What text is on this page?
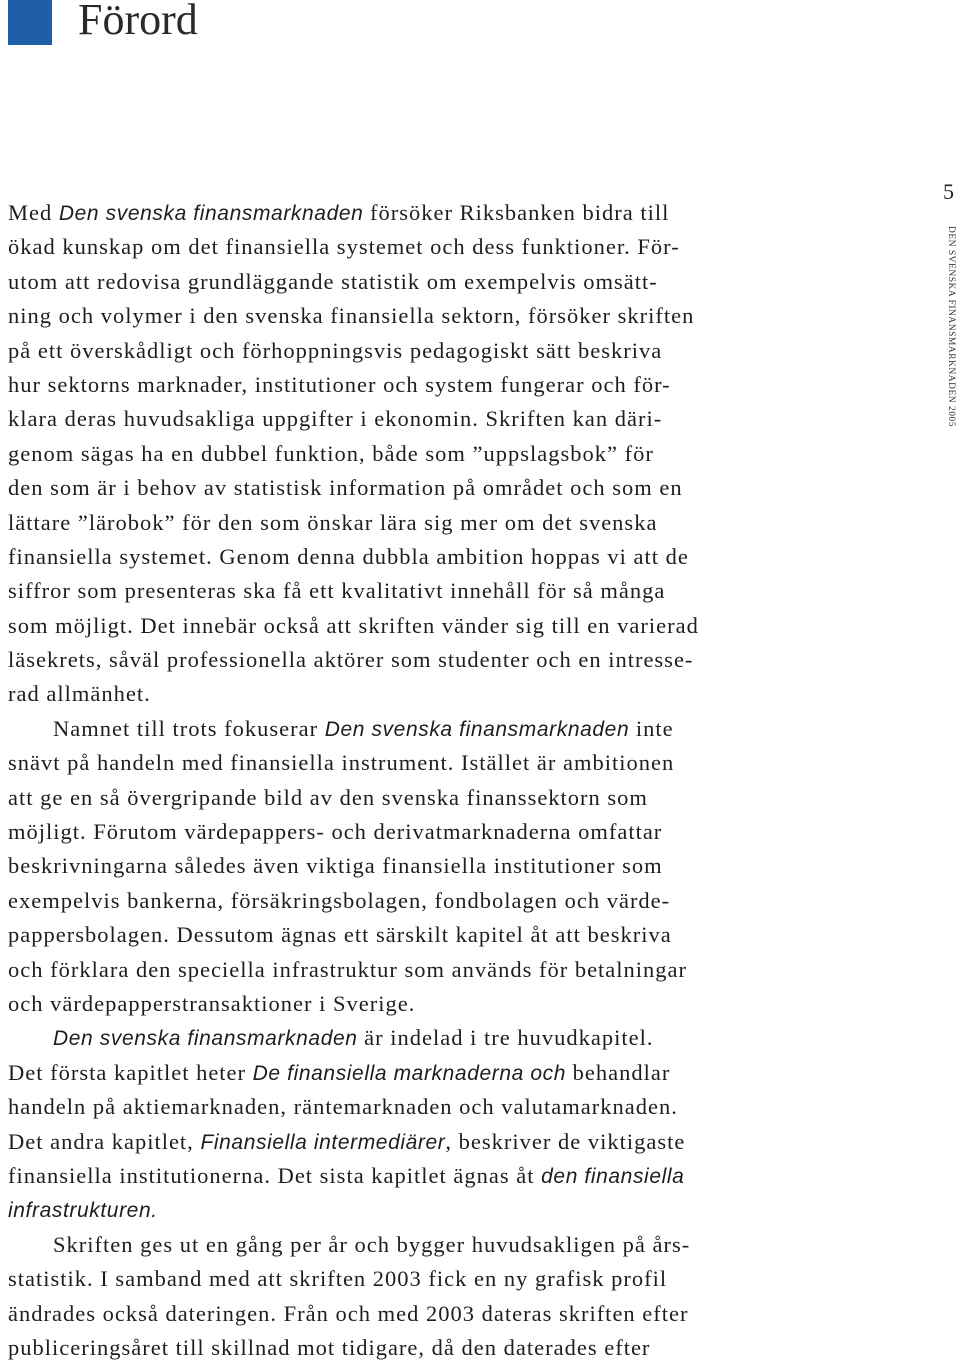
Förord
5
DEN SVENSKA FINANSMARKNADEN 2005
Med Den svenska finansmarknaden försöker Riksbanken bidra till
ökad kunskap om det finansiella systemet och dess funktioner. För-
utom att redovisa grundläggande statistik om exempelvis omsätt-
ning och volymer i den svenska finansiella sektorn, försöker skriften
på ett överskådligt och förhoppningsvis pedagogiskt sätt beskriva
hur sektorns marknader, institutioner och system fungerar och för-
klara deras huvudsakliga uppgifter i ekonomin. Skriften kan däri-
genom sägas ha en dubbel funktion, både som ”uppslagsbok” för
den som är i behov av statistisk information på området och som en
lättare ”lärobok” för den som önskar lära sig mer om det svenska
finansiella systemet. Genom denna dubbla ambition hoppas vi att de
siffror som presenteras ska få ett kvalitativt innehåll för så många
som möjligt. Det innebär också att skriften vänder sig till en varierad
läsekrets, såväl professionella aktörer som studenter och en intresse-
rad allmänhet.
Namnet till trots fokuserar Den svenska finansmarknaden inte
snävt på handeln med finansiella instrument. Istället är ambitionen
att ge en så övergripande bild av den svenska finanssektorn som
möjligt. Förutom värdepappers- och derivatmarknaderna omfattar
beskrivningarna således även viktiga finansiella institutioner som
exempelvis bankerna, försäkringsbolagen, fondbolagen och värde-
pappersbolagen. Dessutom ägnas ett särskilt kapitel åt att beskriva
och förklara den speciella infrastruktur som används för betalningar
och värdepapperstransaktioner i Sverige.
Den svenska finansmarknaden är indelad i tre huvudkapitel.
Det första kapitlet heter De finansiella marknaderna och behandlar
handeln på aktiemarknaden, räntemarknaden och valutamarknaden.
Det andra kapitlet, Finansiella intermediärer, beskriver de viktigaste
finansiella institutionerna. Det sista kapitlet ägnas åt den finansiella
infrastrukturen.
Skriften ges ut en gång per år och bygger huvudsakligen på års-
statistik. I samband med att skriften 2003 fick en ny grafisk profil
ändrades också dateringen. Från och med 2003 dateras skriften efter
publiceringsåret till skillnad mot tidigare, då den daterades efter
